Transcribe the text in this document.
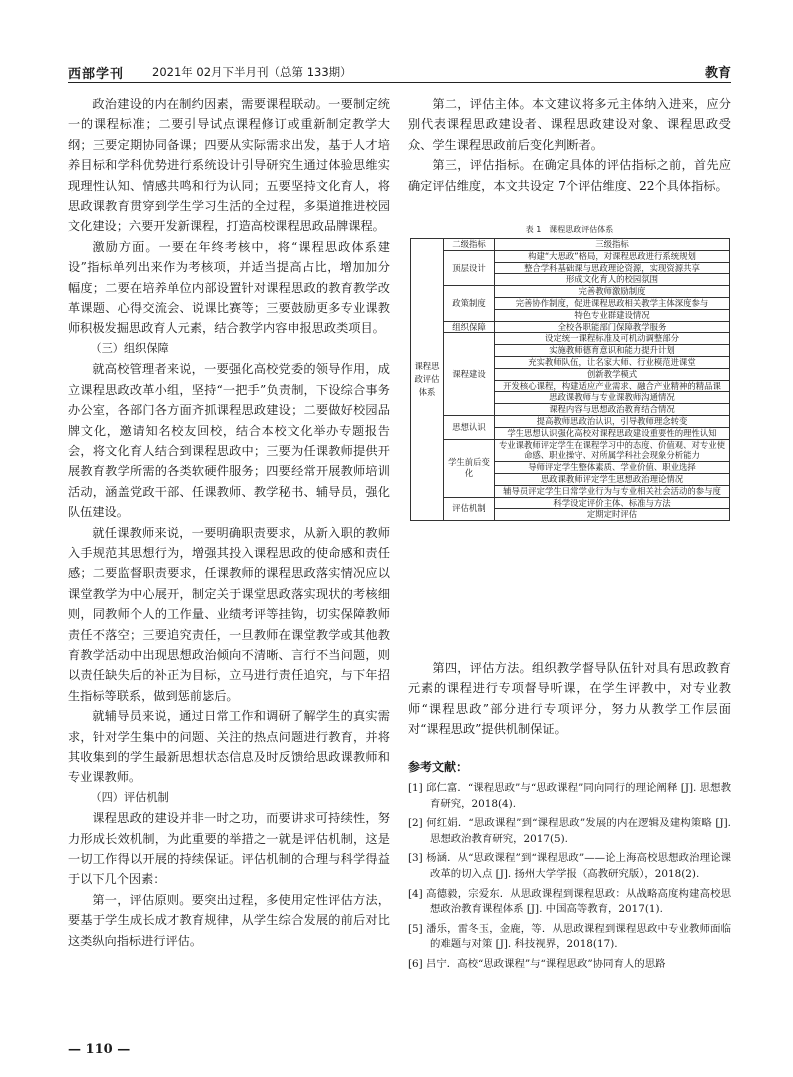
西部学刊 2021年 02月下半月刊（总第 133期）	教育

政治建设的内在制约因素，需要课程联动。一要制定统一的课程标准；二要引导试点课程修订或重新制定教学大纲；三要定期协同备课；四要从实际需求出发，基于人才培养目标和学科优势进行系统设计引导研究生通过体验思维实现理性认知、情感共鸣和行为认同；五要坚持文化育人，将思政课教育贯穿到学生学习生活的全过程，多渠道推进校园文化建设；六要开发新课程，打造高校课程思政品牌课程。

激励方面。一要在年终考核中，将“课程思政体系建设”指标单列出来作为考核项，并适当提高占比，增加加分幅度；二要在培养单位内部设置针对课程思政的教育教学改革课题、心得交流会、说课比赛等；三要鼓励更多专业课教师积极发掘思政育人元素，结合教学内容申报思政类项目。

（三）组织保障

就高校管理者来说，一要强化高校党委的领导作用，成立课程思政改革小组，坚持“一把手”负责制，下设综合事务办公室，各部门各方面齐抓课程思政建设；二要做好校园品牌文化，邀请知名校友回校，结合本校文化举办专题报告会，将文化育人结合到课程思政中；三要为任课教师提供开展教育教学所需的各类软硬件服务；四要经常开展教师培训活动，涵盖党政干部、任课教师、教学秘书、辅导员，强化队伍建设。

就任课教师来说，一要明确职责要求，从新入职的教师入手规范其思想行为，增强其投入课程思政的使命感和责任感；二要监督职责要求，任课教师的课程思政落实情况应以课堂教学为中心展开，制定关于课堂思政落实现状的考核细则，同教师个人的工作量、业绩考评等挂钩，切实保障教师责任不落空；三要追究责任，一旦教师在课堂教学或其他教育教学活动中出现思想政治倾向不清晰、言行不当问题，则以责任缺失后的补正为目标，立马进行责任追究，与下年招生指标等联系，做到惩前毖后。

就辅导员来说，通过日常工作和调研了解学生的真实需求，针对学生集中的问题、关注的热点问题进行教育，并将其收集到的学生最新思想状态信息及时反馈给思政课教师和专业课教师。

（四）评估机制

课程思政的建设并非一时之功，而要讲求可持续性，努力形成长效机制，为此重要的举措之一就是评估机制，这是一切工作得以开展的持续保证。评估机制的合理与科学得益于以下几个因素：

第一，评估原则。要突出过程，多使用定性评估方法，要基于学生成长成才教育规律，从学生综合发展的前后对比这类纵向指标进行评估。

第二，评估主体。本文建议将多元主体纳入进来，应分别代表课程思政建设者、课程思政建设对象、课程思政受众、学生课程思政前后变化判断者。

第三，评估指标。在确定具体的评估指标之前，首先应确定评估维度，本文共设定 7个评估维度、22个具体指标。

表 1　课程思政评估体系
课程思政评估体系	二级指标	三级指标
	顶层设计	构建“大思政”格局，对课程思政进行系统规划
		整合学科基础课与思政理论资源，实现资源共享
		形成文化育人的校园氛围
	政策制度	完善教师激励制度
		完善协作制度，促进课程思政相关教学主体深度参与
		特色专业群建设情况
	组织保障	全校各职能部门保障教学服务
	课程建设	设定统一课程标准及可机动调整部分
		实施教师德育意识和能力提升计划
		充实教师队伍，让名家大师、行业模范进课堂
		创新教学模式
		开发核心课程，构建适应产业需求、融合产业精神的精品课
		思政课教师与专业课教师沟通情况
		课程内容与思想政治教育结合情况
	思想认识	提高教师思政治认识，引导教师理念转变
		学生思想认识强化高校对课程思政建设重要性的理性认知
	学生前后变化	专业课教师评定学生在课程学习中的态度、价值观、对专业使命感、职业操守、对所属学科社会现象分析能力
		导师评定学生整体素质、学业价值、职业选择
		思政课教师评定学生思想政治理论情况
		辅导员评定学生日常学业行为与专业相关社会活动的参与度
	评估机制	科学设定评价主体、标准与方法
		定期定时评估

第四，评估方法。组织教学督导队伍针对具有思政教育元素的课程进行专项督导听课，在学生评教中，对专业教师“课程思政”部分进行专项评分，努力从教学工作层面对“课程思政”提供机制保证。

参考文献：
[1] 邱仁富．“课程思政”与“思政课程”同向同行的理论阐释 [J]. 思想教育研究，2018(4).
[2] 何红娟．“思政课程”到“课程思政”发展的内在逻辑及建构策略 [J]. 思想政治教育研究，2017(5).
[3] 杨涵．从“思政课程”到“课程思政”——论上海高校思想政治理论课改革的切入点 [J]. 扬州大学学报（高教研究版），2018(2).
[4] 高德毅，宗爱东．从思政课程到课程思政：从战略高度构建高校思想政治教育课程体系 [J]. 中国高等教育，2017(1).
[5] 潘乐，雷冬玉，金鹿，等．从思政课程到课程思政中专业教师面临的难题与对策 [J]. 科技视界，2018(17).
[6] 吕宁．高校“思政课程”与“课程思政”协同育人的思路
— 110 —
